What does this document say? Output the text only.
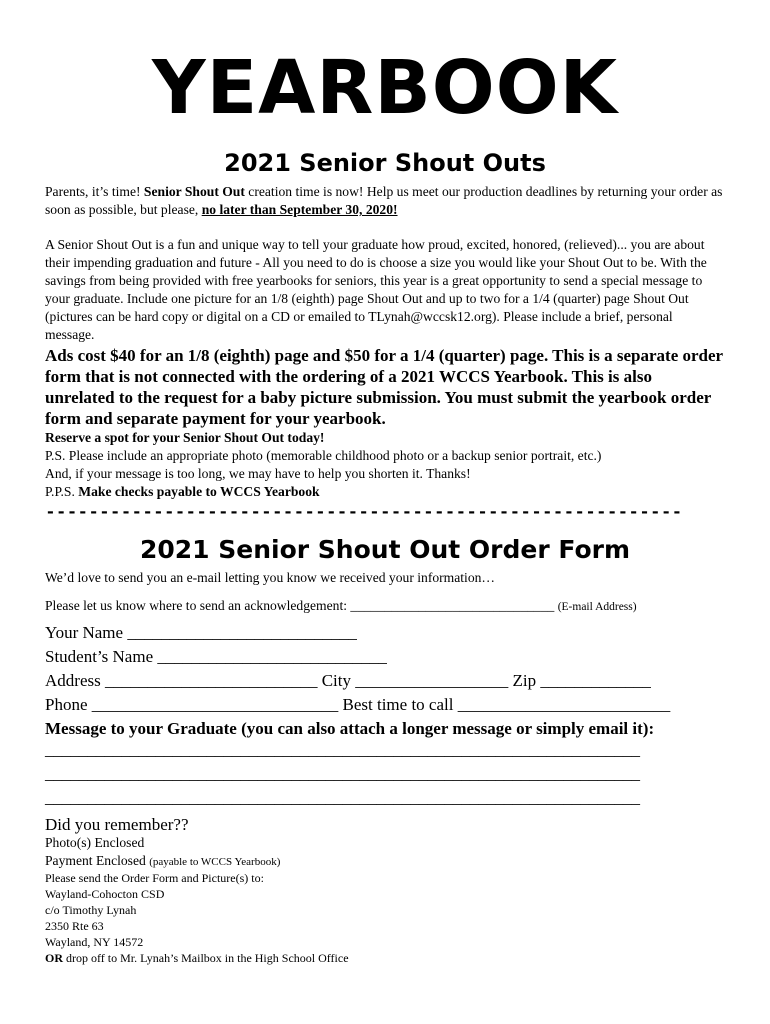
YEARBOOK
2021 Senior Shout Outs
Parents, it’s time! Senior Shout Out creation time is now! Help us meet our production deadlines by returning your order as soon as possible, but please, no later than September 30, 2020!
A Senior Shout Out is a fun and unique way to tell your graduate how proud, excited, honored, (relieved)... you are about their impending graduation and future - All you need to do is choose a size you would like your Shout Out to be. With the savings from being provided with free yearbooks for seniors, this year is a great opportunity to send a special message to your graduate. Include one picture for an 1/8 (eighth) page Shout Out and up to two for a 1/4 (quarter) page Shout Out (pictures can be hard copy or digital on a CD or emailed to TLynah@wccsk12.org). Please include a brief, personal message.
Ads cost $40 for an 1/8 (eighth) page and $50 for a 1/4 (quarter) page. This is a separate order form that is not connected with the ordering of a 2021 WCCS Yearbook. This is also unrelated to the request for a baby picture submission. You must submit the yearbook order form and separate payment for your yearbook.
Reserve a spot for your Senior Shout Out today!
P.S. Please include an appropriate photo (memorable childhood photo or a backup senior portrait, etc.)
And, if your message is too long, we may have to help you shorten it. Thanks!
P.P.S. Make checks payable to WCCS Yearbook
-----------------------------------------------------------
2021 Senior Shout Out Order Form
We’d love to send you an e-mail letting you know we received your information…
Please let us know where to send an acknowledgement: ______________________________ (E-mail Address)
Your Name ___________________________
Student’s Name ___________________________
Address _________________________ City __________________ Zip _____________
Phone _____________________________ Best time to call _________________________
Message to your Graduate (you can also attach a longer message or simply email it):
______________________________________________________________________
______________________________________________________________________
______________________________________________________________________
Did you remember??
Photo(s) Enclosed
Payment Enclosed (payable to WCCS Yearbook)
Please send the Order Form and Picture(s) to:
Wayland-Cohocton CSD
c/o Timothy Lynah
2350 Rte 63
Wayland, NY 14572
OR drop off to Mr. Lynah’s Mailbox in the High School Office
